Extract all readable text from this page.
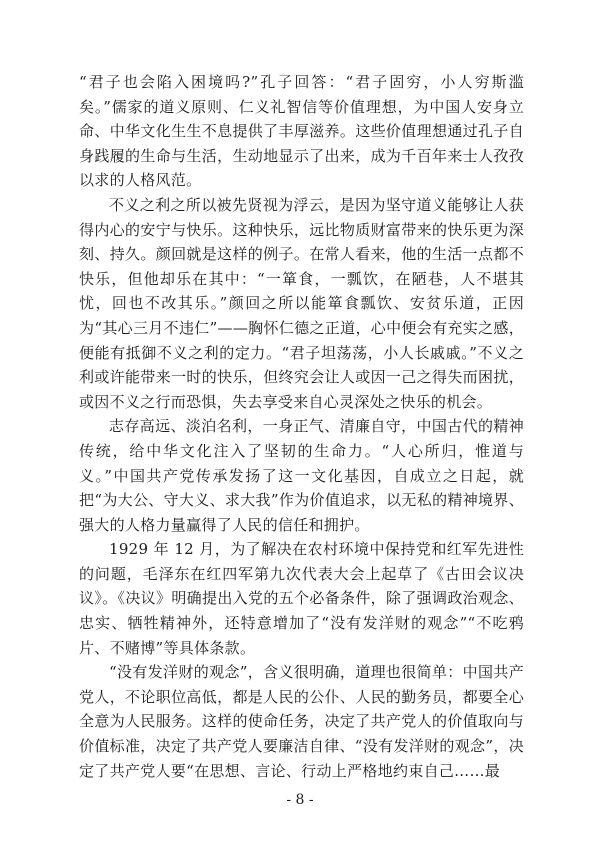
“君子也会陷入困境吗?”孔子回答：“君子固穷，小人穷斯滥矣。”儒家的道义原则、仁义礼智信等价值理想，为中国人安身立命、中华文化生生不息提供了丰厚滋养。这些价值理想通过孔子自身践履的生命与生活，生动地显示了出来，成为千百年来士人孜孜以求的人格风范。

不义之利之所以被先贤视为浮云，是因为坚守道义能够让人获得内心的安宁与快乐。这种快乐，远比物质财富带来的快乐更为深刻、持久。颜回就是这样的例子。在常人看来，他的生活一点都不快乐，但他却乐在其中：“一箪食，一瓢饮，在陋巷，人不堪其忧，回也不改其乐。”颜回之所以能箪食瓢饮、安贫乐道，正因为“其心三月不违仁”——胸怀仁德之正道，心中便会有充实之感，便能有抵御不义之利的定力。“君子坦荡荡，小人长戚戚。”不义之利或许能带来一时的快乐，但终究会让人或因一己之得失而困扰，或因不义之行而恐惧，失去享受来自心灵深处之快乐的机会。

志存高远、淡泊名利，一身正气、清廉自守，中国古代的精神传统，给中华文化注入了坚韧的生命力。“人心所归，惟道与义。”中国共产党传承发扬了这一文化基因，自成立之日起，就把“为大公、守大义、求大我”作为价值追求，以无私的精神境界、强大的人格力量赢得了人民的信任和拥护。

1929 年 12 月，为了解决在农村环境中保持党和红军先进性的问题，毛泽东在红四军第九次代表大会上起草了《古田会议决议》。《决议》明确提出入党的五个必备条件，除了强调政治观念、忠实、牺牲精神外，还特意增加了“没有发洋财的观念”“不吃鸦片、不赌博”等具体条款。

“没有发洋财的观念”，含义很明确，道理也很简单：中国共产党人，不论职位高低，都是人民的公仆、人民的勤务员，都要全心全意为人民服务。这样的使命任务，决定了共产党人的价值取向与价值标准，决定了共产党人要廉洁自律、“没有发洋财的观念”，决定了共产党人要“在思想、言论、行动上严格地约束自己……最

- 8 -
